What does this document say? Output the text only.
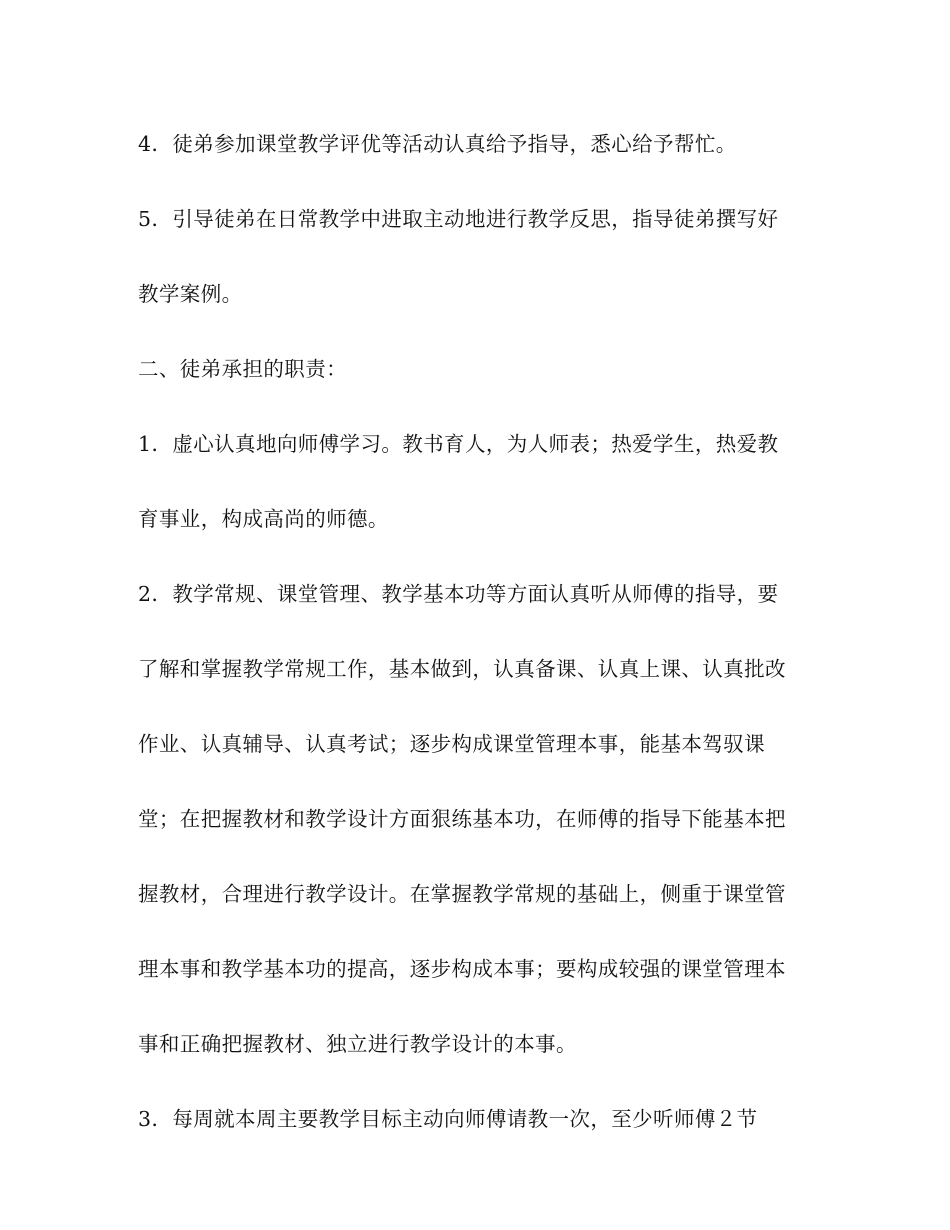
4．徒弟参加课堂教学评优等活动认真给予指导，悉心给予帮忙。
5．引导徒弟在日常教学中进取主动地进行教学反思，指导徒弟撰写好
教学案例。
二、徒弟承担的职责：
1．虚心认真地向师傅学习。教书育人，为人师表；热爱学生，热爱教
育事业，构成高尚的师德。
2．教学常规、课堂管理、教学基本功等方面认真听从师傅的指导，要
了解和掌握教学常规工作，基本做到，认真备课、认真上课、认真批改
作业、认真辅导、认真考试；逐步构成课堂管理本事，能基本驾驭课
堂；在把握教材和教学设计方面狠练基本功，在师傅的指导下能基本把
握教材，合理进行教学设计。在掌握教学常规的基础上，侧重于课堂管
理本事和教学基本功的提高，逐步构成本事；要构成较强的课堂管理本
事和正确把握教材、独立进行教学设计的本事。
3．每周就本周主要教学目标主动向师傅请教一次，至少听师傅２节
